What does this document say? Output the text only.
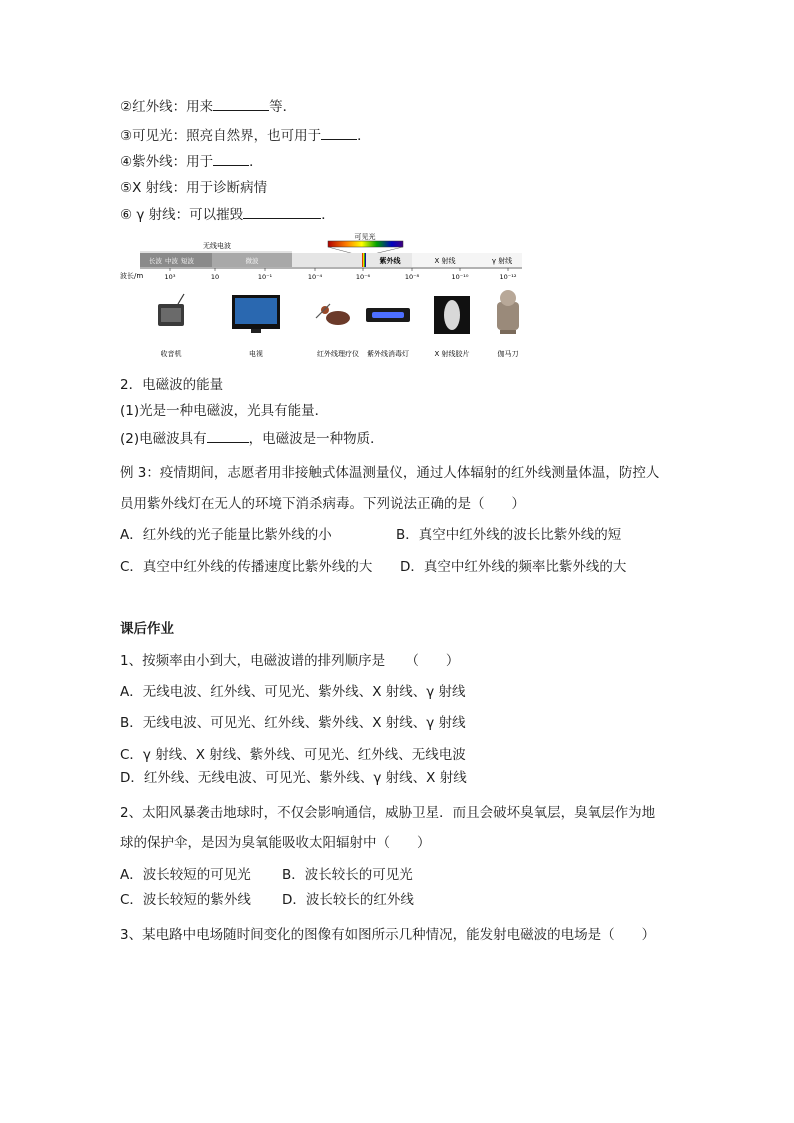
②红外线：用来	等．
③可见光：照亮自然界，也可用于	．
④紫外线：用于	．
⑤X 射线：用于诊断病情
⑥ γ 射线：可以摧毁	．
可见光
无线电波
长波 中波 短波	微波	紫外线	X 射线	γ 射线
波长/m	10³	10	10⁻¹	10⁻⁴	10⁻⁶	10⁻⁸	10⁻¹⁰	10⁻¹²
收音机	电视	红外线理疗仪 紫外线消毒灯	X 射线胶片	伽马刀
2．电磁波的能量
(1)光是一种电磁波，光具有能量．
(2)电磁波具有	，电磁波是一种物质．
例 3：疫情期间，志愿者用非接触式体温测量仪，通过人体辐射的红外线测量体温，防控人
员用紫外线灯在无人的环境下消杀病毒。下列说法正确的是（　　）
A．红外线的光子能量比紫外线的小	B．真空中红外线的波长比紫外线的短
C．真空中红外线的传播速度比紫外线的大 D．真空中红外线的频率比紫外线的大
课后作业
1、按频率由小到大，电磁波谱的排列顺序是　　（　　）
A．无线电波、红外线、可见光、紫外线、X 射线、γ 射线
B．无线电波、可见光、红外线、紫外线、X 射线、γ 射线
C．γ 射线、X 射线、紫外线、可见光、红外线、无线电波
D．红外线、无线电波、可见光、紫外线、γ 射线、X 射线
2、太阳风暴袭击地球时，不仅会影响通信，威胁卫星．而且会破坏臭氧层，臭氧层作为地
球的保护伞，是因为臭氧能吸收太阳辐射中（　　）
A．波长较短的可见光 B．波长较长的可见光
C．波长较短的紫外线 D．波长较长的红外线
3、某电路中电场随时间变化的图像有如图所示几种情况，能发射电磁波的电场是（　　）
